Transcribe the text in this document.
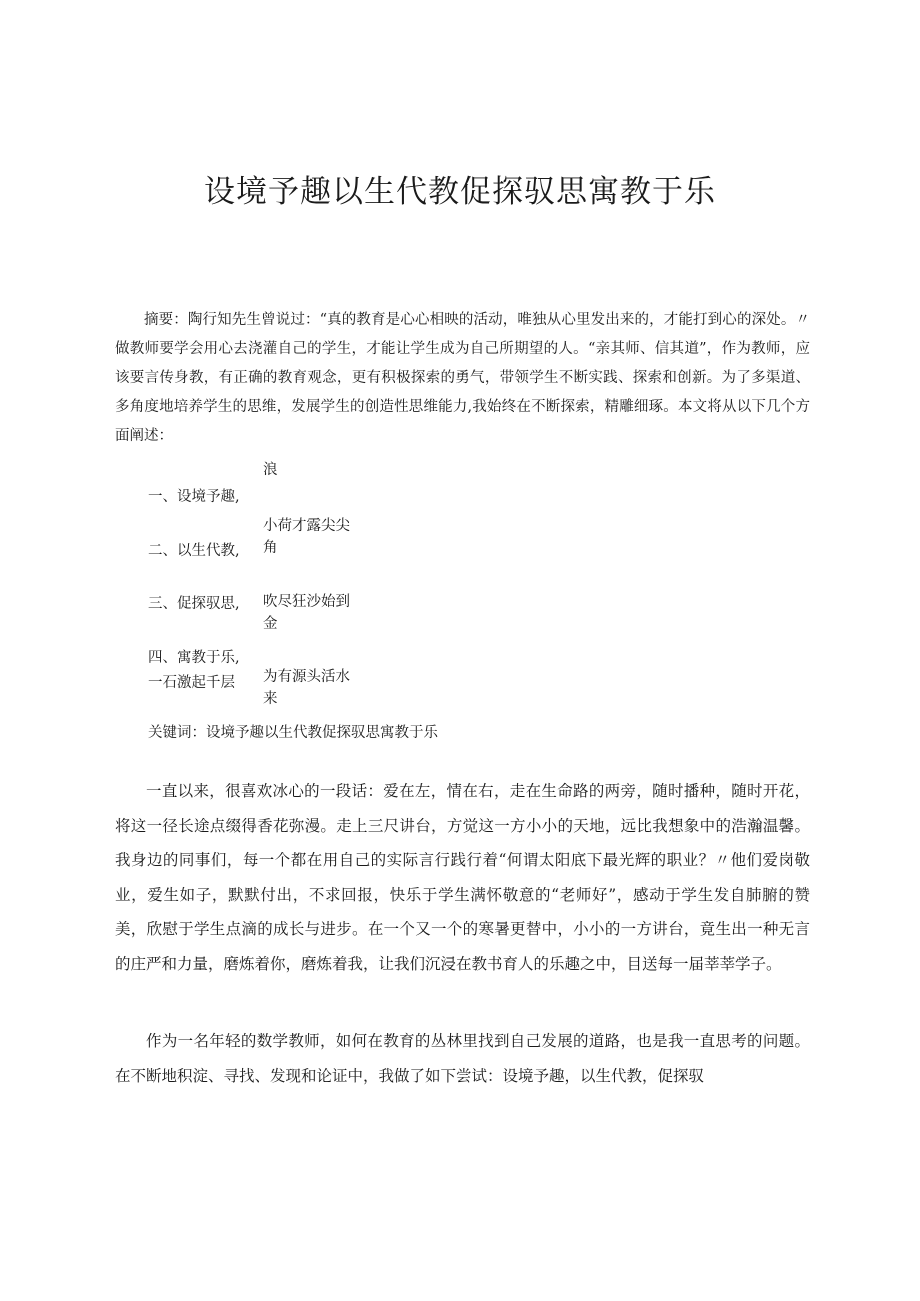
设境予趣以生代教促探驭思寓教于乐
摘要：陶行知先生曾说过：“真的教育是心心相映的活动，唯独从心里发出来的，才能打到心的深处。〃做教师要学会用心去浇灌自己的学生，才能让学生成为自己所期望的人。“亲其师、信其道”，作为教师，应该要言传身教，有正确的教育观念，更有积极探索的勇气，带领学生不断实践、探索和创新。为了多渠道、多角度地培养学生的思维，发展学生的创造性思维能力,我始终在不断探索，精雕细琢。本文将从以下几个方面阐述：
一、设境予趣,
二、以生代教,
三、促探驭思,
四、寓教于乐,
一石激起千层
浪
小荷才露尖尖角
吹尽狂沙始到金
为有源头活水来
关键词：设境予趣以生代教促探驭思寓教于乐
一直以来，很喜欢冰心的一段话：爱在左，情在右，走在生命路的两旁，随时播种，随时开花，将这一径长途点缀得香花弥漫。走上三尺讲台，方觉这一方小小的天地，远比我想象中的浩瀚温馨。我身边的同事们，每一个都在用自己的实际言行践行着“何谓太阳底下最光辉的职业？〃他们爱岗敬业，爱生如子，默默付出，不求回报，快乐于学生满怀敬意的“老师好”，感动于学生发自肺腑的赞美，欣慰于学生点滴的成长与进步。在一个又一个的寒暑更替中，小小的一方讲台，竟生出一种无言的庄严和力量，磨炼着你，磨炼着我，让我们沉浸在教书育人的乐趣之中，目送每一届莘莘学子。
作为一名年轻的数学教师，如何在教育的丛林里找到自己发展的道路，也是我一直思考的问题。在不断地积淀、寻找、发现和论证中，我做了如下尝试：设境予趣，以生代教，促探驭
